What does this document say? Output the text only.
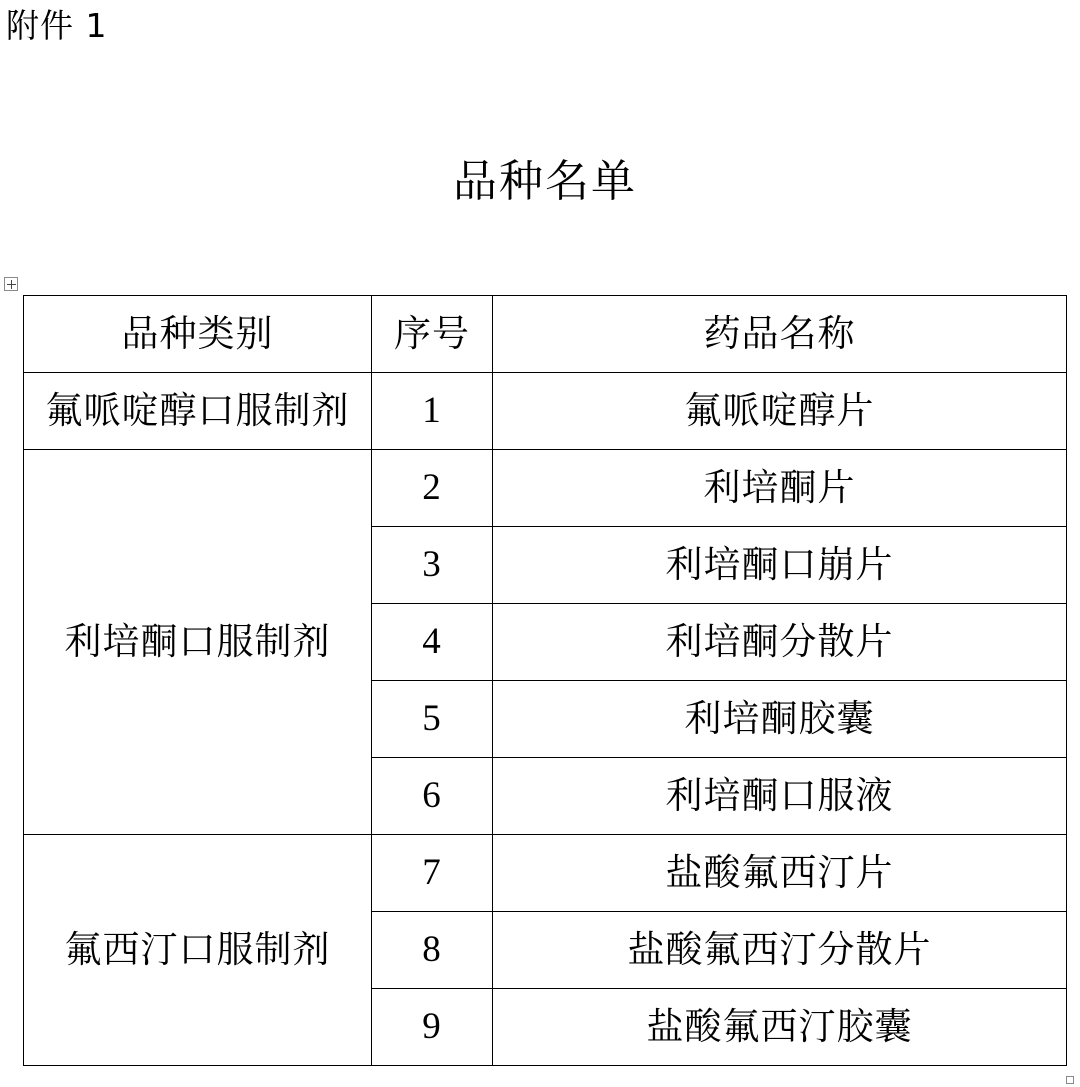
附件 1
品种名单
品种类别	序号	药品名称
氟哌啶醇口服制剂	1	氟哌啶醇片
利培酮口服制剂	2	利培酮片
	3	利培酮口崩片
	4	利培酮分散片
	5	利培酮胶囊
	6	利培酮口服液
氟西汀口服制剂	7	盐酸氟西汀片
	8	盐酸氟西汀分散片
	9	盐酸氟西汀胶囊
